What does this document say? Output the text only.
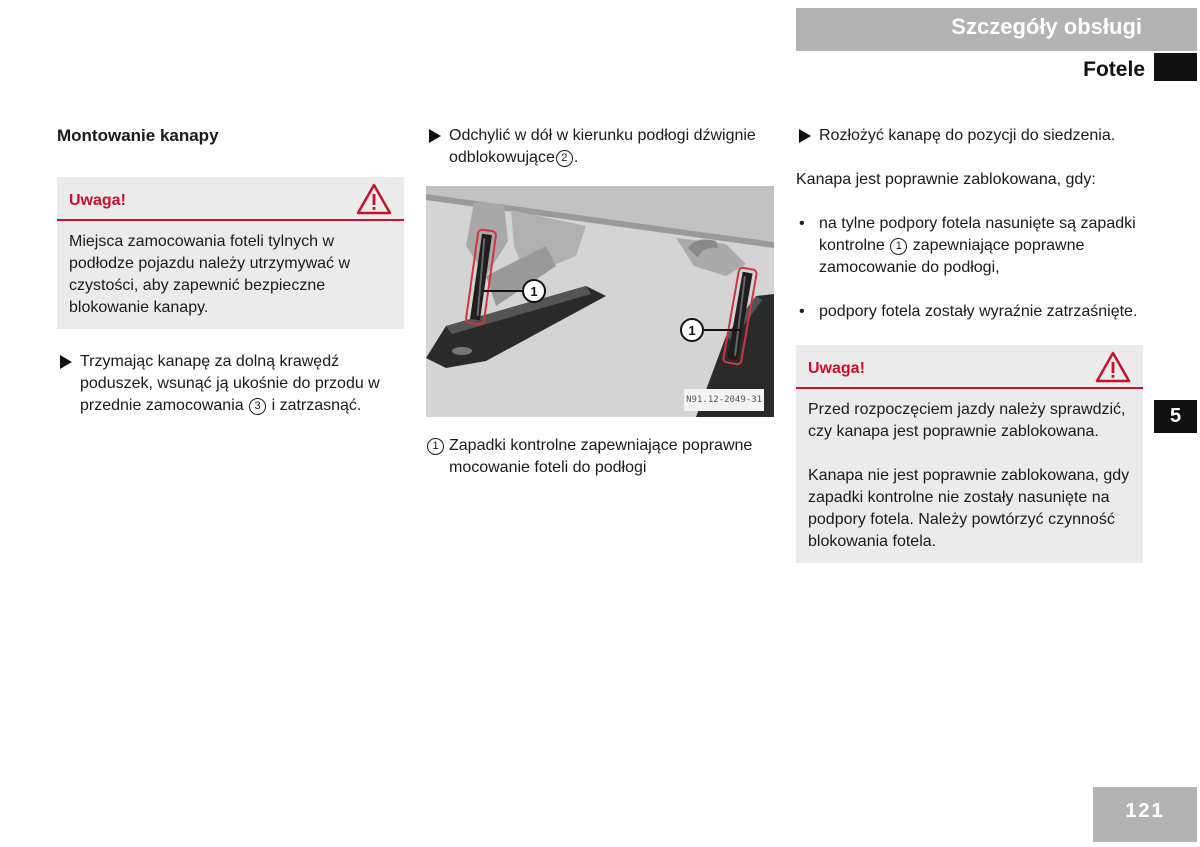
Szczegóły obsługi
Fotele
5
121
Montowanie kanapy
Uwaga!

Miejsca zamocowania foteli tylnych w podłodze pojazdu należy utrzymywać w czystości, aby zapewnić bezpieczne blokowanie kanapy.

Trzymając kanapę za dolną krawędź poduszek, wsunąć ją ukośnie do przodu w przednie zamocowania 3 i zatrzasnąć.
Odchylić w dół w kierunku podłogi dźwignie odblokowujące 2 .
1
1
N91.12-2049-31
1 Zapadki kontrolne zapewniające poprawne mocowanie foteli do podłogi
Rozłożyć kanapę do pozycji do siedzenia.

Kanapa jest poprawnie zablokowana, gdy:

• na tylne podpory fotela nasunięte są zapadki kontrolne 1 zapewniające poprawne zamocowanie do podłogi,
• podpory fotela zostały wyraźnie zatrzaśnięte.
Uwaga!

Przed rozpoczęciem jazdy należy sprawdzić, czy kanapa jest poprawnie zablokowana.

Kanapa nie jest poprawnie zablokowana, gdy zapadki kontrolne nie zostały nasunięte na podpory fotela. Należy powtórzyć czynność blokowania fotela.
